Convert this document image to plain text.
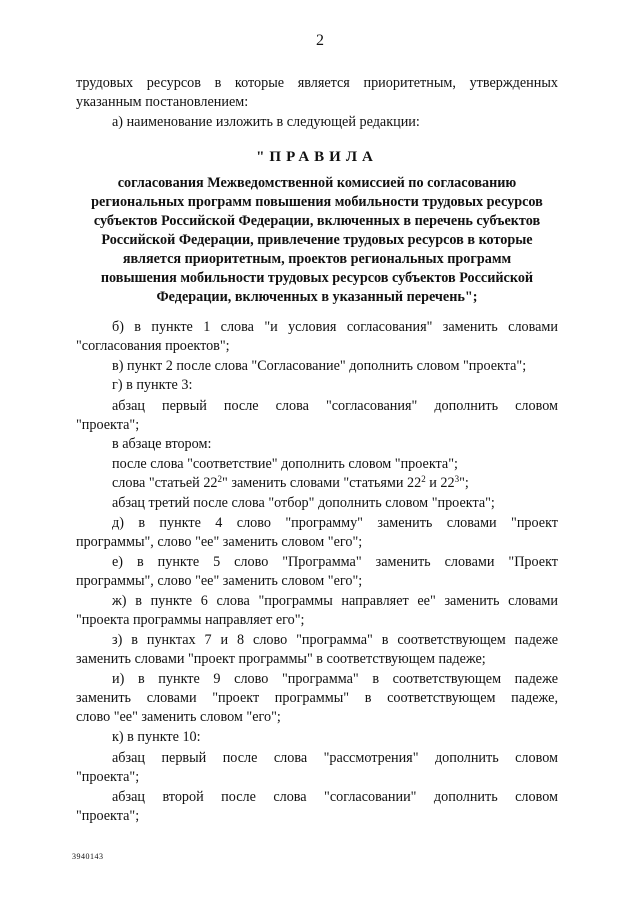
2
трудовых ресурсов в которые является приоритетным, утвержденных
указанным постановлением:
а) наименование изложить в следующей редакции:
"ПРАВИЛА
согласования Межведомственной комиссией по согласованию
региональных программ повышения мобильности трудовых ресурсов
субъектов Российской Федерации, включенных в перечень субъектов
Российской Федерации, привлечение трудовых ресурсов в которые
является приоритетным, проектов региональных программ
повышения мобильности трудовых ресурсов субъектов Российской
Федерации, включенных в указанный перечень";
б) в пункте 1 слова "и условия согласования" заменить словами
"согласования проектов";
в) пункт 2 после слова "Согласование" дополнить словом "проекта";
г) в пункте 3:
абзац первый после слова "согласования" дополнить словом
"проекта";
в абзаце втором:
после слова "соответствие" дополнить словом "проекта";
слова "статьей $22^2$" заменить словами "статьями $22^2$ и $22^3$";
абзац третий после слова "отбор" дополнить словом "проекта";
д) в пункте 4 слово "программу" заменить словами "проект
программы", слово "ее" заменить словом "его";
е) в пункте 5 слово "Программа" заменить словами "Проект
программы", слово "ее" заменить словом "его";
ж) в пункте 6 слова "программы направляет ее" заменить словами
"проекта программы направляет его";
з) в пунктах 7 и 8 слово "программа" в соответствующем падеже
заменить словами "проект программы" в соответствующем падеже;
и) в пункте 9 слово "программа" в соответствующем падеже
заменить словами "проект программы" в соответствующем падеже,
слово "ее" заменить словом "его";
к) в пункте 10:
абзац первый после слова "рассмотрения" дополнить словом
"проекта";
абзац второй после слова "согласовании" дополнить словом
"проекта";
3940143
